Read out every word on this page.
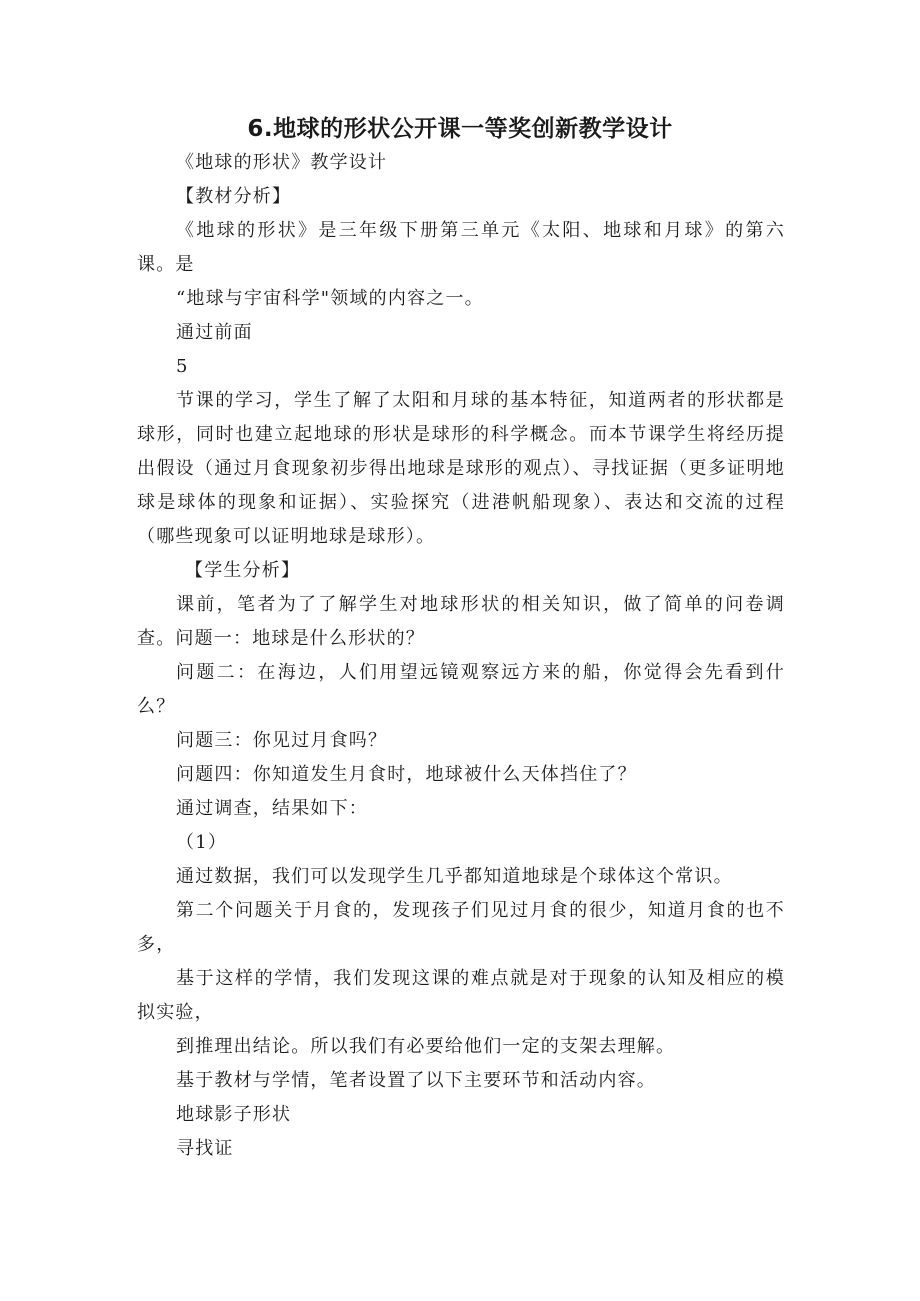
6.地球的形状公开课一等奖创新教学设计
《地球的形状》教学设计
【教材分析】
《地球的形状》是三年级下册第三单元《太阳、地球和月球》的第六课。是
“地球与宇宙科学"领域的内容之一。
通过前面
5
节课的学习，学生了解了太阳和月球的基本特征，知道两者的形状都是球形，同时也建立起地球的形状是球形的科学概念。而本节课学生将经历提出假设（通过月食现象初步得出地球是球形的观点）、寻找证据（更多证明地球是球体的现象和证据）、实验探究（进港帆船现象）、表达和交流的过程（哪些现象可以证明地球是球形）。
【学生分析】
课前，笔者为了了解学生对地球形状的相关知识，做了简单的问卷调查。问题一：地球是什么形状的？
问题二：在海边，人们用望远镜观察远方来的船，你觉得会先看到什么？
问题三：你见过月食吗？
问题四：你知道发生月食时，地球被什么天体挡住了？
通过调查，结果如下：
（1）
通过数据，我们可以发现学生几乎都知道地球是个球体这个常识。
第二个问题关于月食的，发现孩子们见过月食的很少，知道月食的也不多，
基于这样的学情，我们发现这课的难点就是对于现象的认知及相应的模拟实验，
到推理出结论。所以我们有必要给他们一定的支架去理解。
基于教材与学情，笔者设置了以下主要环节和活动内容。
地球影子形状
寻找证
